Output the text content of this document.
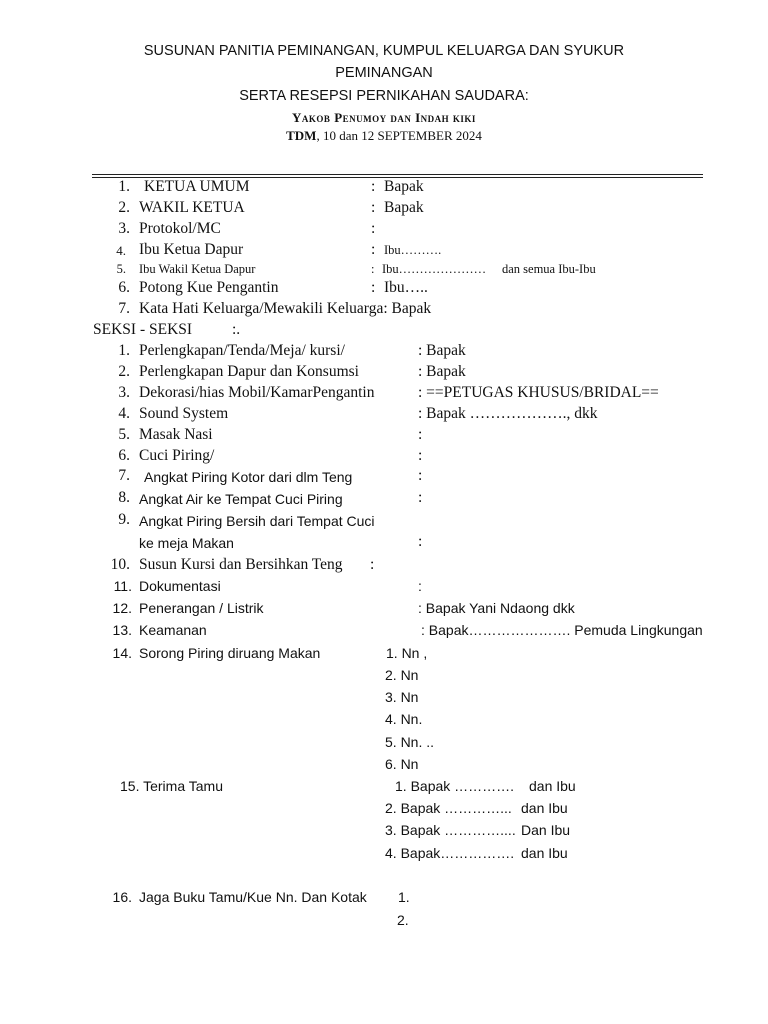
SUSUNAN PANITIA PEMINANGAN, KUMPUL KELUARGA DAN SYUKUR
PEMINANGAN
SERTA RESEPSI PERNIKAHAN SAUDARA:
Yakob Penumoy dan Indah kiki
TDM, 10 dan 12 SEPTEMBER 2024
1. KETUA UMUM	: Bapak
2. WAKIL KETUA	: Bapak
3. Protokol/MC	:
4. Ibu Ketua Dapur	: Ibu……….
5. Ibu Wakil Ketua Dapur	: Ibu………………… dan semua Ibu-Ibu
6. Potong Kue Pengantin	: Ibu…..
7. Kata Hati Keluarga/Mewakili Keluarga: Bapak
SEKSI - SEKSI	:.
1. Perlengkapan/Tenda/Meja/ kursi/	: Bapak
2. Perlengkapan Dapur dan Konsumsi	: Bapak
3. Dekorasi/hias Mobil/KamarPengantin	: ==PETUGAS KHUSUS/BRIDAL==
4. Sound System	: Bapak ………………., dkk
5. Masak Nasi	:
6. Cuci Piring/	:
7. Angkat Piring Kotor dari dlm Teng	:
8. Angkat Air ke Tempat Cuci Piring	:
9. Angkat Piring Bersih dari Tempat Cuci
ke meja Makan	:
10. Susun Kursi dan Bersihkan Teng :
11. Dokumentasi	:
12. Penerangan / Listrik	: Bapak Yani Ndaong dkk
13. Keamanan	: Bapak…………………. Pemuda Lingkungan
14. Sorong Piring diruang Makan	1. Nn ,
2. Nn
3. Nn
4. Nn.
5. Nn. ..
6. Nn
15. Terima Tamu	1. Bapak …………. dan Ibu
2. Bapak …………... dan Ibu
3. Bapak ………….... Dan Ibu
4. Bapak……………. dan Ibu
16. Jaga Buku Tamu/Kue Nn. Dan Kotak 1.
2.
